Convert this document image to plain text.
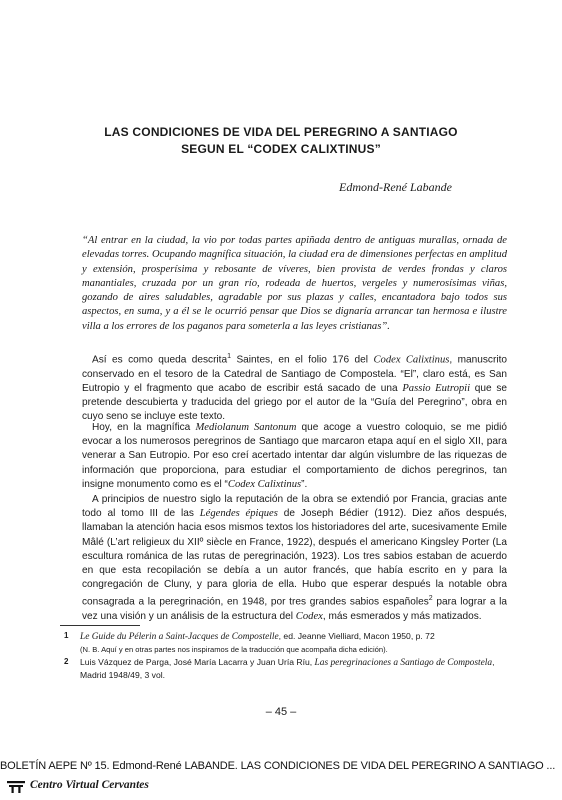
LAS CONDICIONES DE VIDA DEL PEREGRINO A SANTIAGO
SEGUN EL “CODEX CALIXTINUS”
Edmond-René Labande
“Al entrar en la ciudad, la vio por todas partes apiñada dentro de antiguas murallas, ornada de elevadas torres. Ocupando magnífica situación, la ciudad era de dimensiones perfectas en amplitud y extensión, prosperísima y rebosante de víveres, bien provista de verdes frondas y claros manantiales, cruzada por un gran río, rodeada de huertos, vergeles y numerosísimas viñas, gozando de aires saludables, agradable por sus plazas y calles, encantadora bajo todos sus aspectos, en suma, y a él se le ocurrió pensar que Dios se dignaría arrancar tan hermosa e ilustre villa a los errores de los paganos para someterla a las leyes cristianas”.
Así es como queda descrita$^1$ Saintes, en el folio 176 del Codex Calixtinus, manuscrito conservado en el tesoro de la Catedral de Santiago de Compostela. “El”, claro está, es San Eutropio y el fragmento que acabo de escribir está sacado de una Passio Eutropii que se pretende descubierta y traducida del griego por el autor de la “Guía del Peregrino”, obra en cuyo seno se incluye este texto.
Hoy, en la magnífica Mediolanum Santonum que acoge a vuestro coloquio, se me pidió evocar a los numerosos peregrinos de Santiago que marcaron etapa aquí en el siglo XII, para venerar a San Eutropio. Por eso creí acertado intentar dar algún vislumbre de las riquezas de información que proporciona, para estudiar el comportamiento de dichos peregrinos, tan insigne monumento como es el “Codex Calixtinus”.
A principios de nuestro siglo la reputación de la obra se extendió por Francia, gracias ante todo al tomo III de las Légendes épiques de Joseph Bédier (1912). Diez años después, llamaban la atención hacia esos mismos textos los historiadores del arte, sucesivamente Emile Mâlé (L’art religieux du XIIº siècle en France, 1922), después el americano Kingsley Porter (La escultura románica de las rutas de peregrinación, 1923). Los tres sabios estaban de acuerdo en que esta recopilación se debía a un autor francés, que había escrito en y para la congregación de Cluny, y para gloria de ella. Hubo que esperar después la notable obra consagrada a la peregrinación, en 1948, por tres grandes sabios españoles$^2$ para lograr a la vez una visión y un análisis de la estructura del Codex, más esmerados y más matizados.
1 Le Guide du Pélerin a Saint-Jacques de Compostelle, ed. Jeanne Vielliard, Macon 1950, p. 72
(N. B. Aquí y en otras partes nos inspiramos de la traducción que acompaña dicha edición).
2 Luis Vázquez de Parga, José María Lacarra y Juan Uría Ríu, Las peregrinaciones a Santiago de Compostela, Madrid 1948/49, 3 vol.
– 45 –
BOLETÍN AEPE Nº 15. Edmond-René LABANDE. LAS CONDICIONES DE VIDA DEL PEREGRINO A SANTIAGO ...
Centro Virtual Cervantes
